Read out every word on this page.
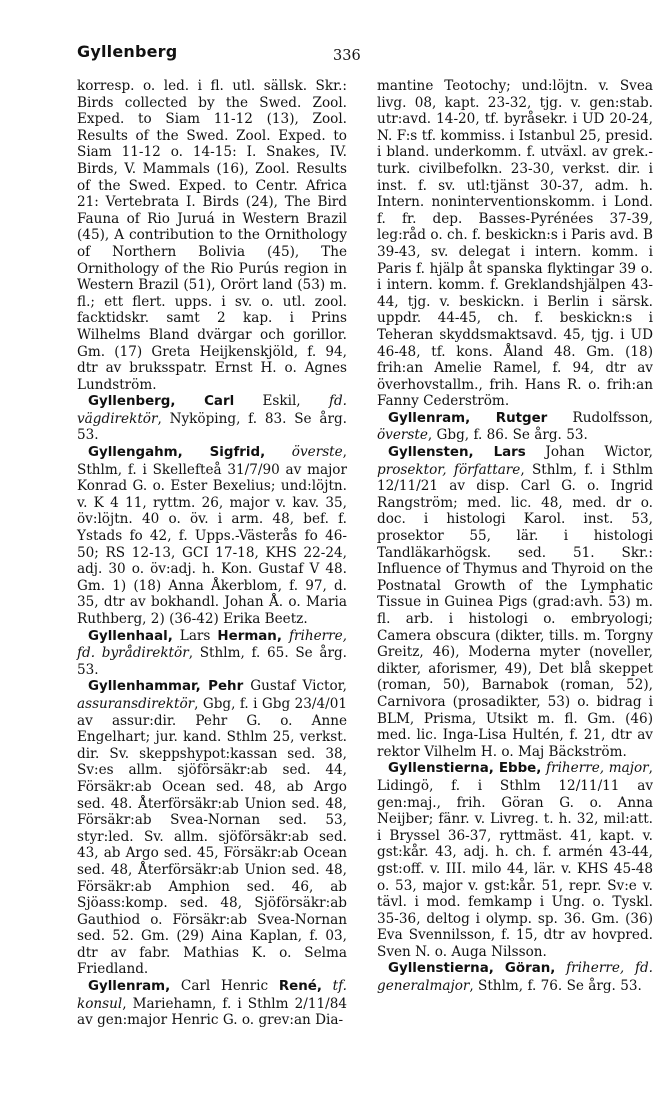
Gyllenberg	336

korresp. o. led. i fl. utl. sällsk. Skr.: Birds collected by the Swed. Zool. Exped. to Siam 11-12 (13), Zool. Results of the Swed. Zool. Exped. to Siam 11-12 o. 14-15: I. Snakes, IV. Birds, V. Mammals (16), Zool. Results of the Swed. Exped. to Centr. Africa 21: Vertebrata I. Birds (24), The Bird Fauna of Rio Juruá in Western Brazil (45), A contribution to the Ornithology of Northern Bolivia (45), The Ornithology of the Rio Purús region in Western Brazil (51), Orört land (53) m. fl.; ett flert. upps. i sv. o. utl. zool. facktidskr. samt 2 kap. i Prins Wilhelms Bland dvärgar och gorillor. Gm. (17) Greta Heijkenskjöld, f. 94, dtr av bruksspatr. Ernst H. o. Agnes Lundström.

Gyllenberg, Carl Eskil, fd. vägdirektör, Nyköping, f. 83. Se årg. 53.

Gyllengahm, Sigfrid, överste, Sthlm, f. i Skellefteå 31/7/90 av major Konrad G. o. Ester Bexelius; und:löjtn. v. K 4 11, ryttm. 26, major v. kav. 35, öv:löjtn. 40 o. öv. i arm. 48, bef. f. Ystads fo 42, f. Upps.-Västerås fo 46-50; RS 12-13, GCI 17-18, KHS 22-24, adj. 30 o. öv:adj. h. Kon. Gustaf V 48. Gm. 1) (18) Anna Åkerblom, f. 97, d. 35, dtr av bokhandl. Johan Å. o. Maria Ruthberg, 2) (36-42) Erika Beetz.

Gyllenhaal, Lars Herman, friherre, fd. byrådirektör, Sthlm, f. 65. Se årg. 53.

Gyllenhammar, Pehr Gustaf Victor, assuransdirektör, Gbg, f. i Gbg 23/4/01 av assur:dir. Pehr G. o. Anne Engelhart; jur. kand. Sthlm 25, verkst. dir. Sv. skeppshypot:kassan sed. 38, Sv:es allm. sjöförsäkr:ab sed. 44, Försäkr:ab Ocean sed. 48, ab Argo sed. 48. Återförsäkr:ab Union sed. 48, Försäkr:ab Svea-Nornan sed. 53, styr:led. Sv. allm. sjöförsäkr:ab sed. 43, ab Argo sed. 45, Försäkr:ab Ocean sed. 48, Återförsäkr:ab Union sed. 48, Försäkr:ab Amphion sed. 46, ab Sjöass:komp. sed. 48, Sjöförsäkr:ab Gauthiod o. Försäkr:ab Svea-Nornan sed. 52. Gm. (29) Aina Kaplan, f. 03, dtr av fabr. Mathias K. o. Selma Friedland.

Gyllenram, Carl Henric René, tf. konsul, Mariehamn, f. i Sthlm 2/11/84 av gen:major Henric G. o. grev:an Dia-

mantine Teotochy; und:löjtn. v. Svea livg. 08, kapt. 23-32, tjg. v. gen:stab. utr:avd. 14-20, tf. byråsekr. i UD 20-24, N. F:s tf. kommiss. i Istanbul 25, presid. i bland. underkomm. f. utväxl. av grek.-turk. civilbefolkn. 23-30, verkst. dir. i inst. f. sv. utl:tjänst 30-37, adm. h. Intern. noninterventionskomm. i Lond. f. fr. dep. Basses-Pyrénées 37-39, leg:råd o. ch. f. beskickn:s i Paris avd. B 39-43, sv. delegat i intern. komm. i Paris f. hjälp åt spanska flyktingar 39 o. i intern. komm. f. Greklandshjälpen 43-44, tjg. v. beskickn. i Berlin i särsk. uppdr. 44-45, ch. f. beskickn:s i Teheran skyddsmaktsavd. 45, tjg. i UD 46-48, tf. kons. Åland 48. Gm. (18) frih:an Amelie Ramel, f. 94, dtr av överhovstallm., frih. Hans R. o. frih:an Fanny Cederström.

Gyllenram, Rutger Rudolfsson, överste, Gbg, f. 86. Se årg. 53.

Gyllensten, Lars Johan Wictor, prosektor, författare, Sthlm, f. i Sthlm 12/11/21 av disp. Carl G. o. Ingrid Rangström; med. lic. 48, med. dr o. doc. i histologi Karol. inst. 53, prosektor 55, lär. i histologi Tandläkarhögsk. sed. 51. Skr.: Influence of Thymus and Thyroid on the Postnatal Growth of the Lymphatic Tissue in Guinea Pigs (grad:avh. 53) m. fl. arb. i histologi o. embryologi; Camera obscura (dikter, tills. m. Torgny Greitz, 46), Moderna myter (noveller, dikter, aforismer, 49), Det blå skeppet (roman, 50), Barnabok (roman, 52), Carnivora (prosadikter, 53) o. bidrag i BLM, Prisma, Utsikt m. fl. Gm. (46) med. lic. Inga-Lisa Hultén, f. 21, dtr av rektor Vilhelm H. o. Maj Bäckström.

Gyllenstierna, Ebbe, friherre, major, Lidingö, f. i Sthlm 12/11/11 av gen:maj., frih. Göran G. o. Anna Neijber; fänr. v. Livreg. t. h. 32, mil:att. i Bryssel 36-37, ryttmäst. 41, kapt. v. gst:kår. 43, adj. h. ch. f. armén 43-44, gst:off. v. III. milo 44, lär. v. KHS 45-48 o. 53, major v. gst:kår. 51, repr. Sv:e v. tävl. i mod. femkamp i Ung. o. Tyskl. 35-36, deltog i olymp. sp. 36. Gm. (36) Eva Svennilsson, f. 15, dtr av hovpred. Sven N. o. Auga Nilsson.

Gyllenstierna, Göran, friherre, fd. generalmajor, Sthlm, f. 76. Se årg. 53.
